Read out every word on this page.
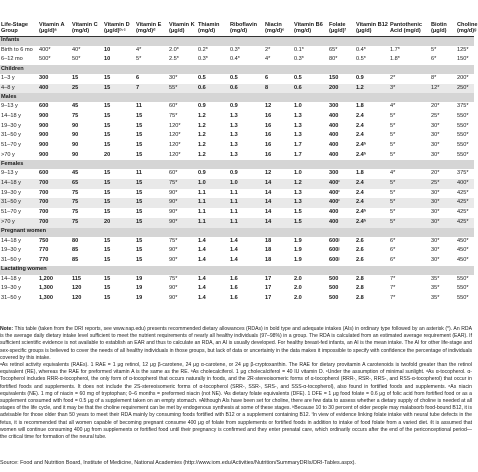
Life-Stage Group	Vitamin A (μg/d)ᵃ	Vitamin C (mg/d)	Vitamin D (μg/d)ᵇ·ᶜ	Vitamin E (mg/d)ᵈ	Vitamin K (μg/d)	Thiamin (mg/d)	Riboflavin (mg/d)	Niacin (mg/d)ᵉ	Vitamin B6 (mg/d)	Folate (μg/d)ᶠ	Vitamin B12 (μg/d)	Pantothenic Acid (mg/d)	Biotin (μg/d)	Choline (mg/d)ᵍ
Infants														
Birth to 6 mo	400*	40*	10	4*	2.0*	0.2*	0.3*	2*	0.1*	65*	0.4*	1.7*	5*	125*
6–12 mo	500*	50*	10	5*	2.5*	0.3*	0.4*	4*	0.3*	80*	0.5*	1.8*	6*	150*
Children														
1–3 y	300	15	15	6	30*	0.5	0.5	6	0.5	150	0.9	2*	8*	200*
4–8 y	400	25	15	7	55*	0.6	0.6	8	0.6	200	1.2	3*	12*	250*
Males														
9–13 y	600	45	15	11	60*	0.9	0.9	12	1.0	300	1.8	4*	20*	375*
14–18 y	900	75	15	15	75*	1.2	1.3	16	1.3	400	2.4	5*	25*	550*
19–30 y	900	90	15	15	120*	1.2	1.3	16	1.3	400	2.4	5*	30*	550*
31–50 y	900	90	15	15	120*	1.2	1.3	16	1.3	400	2.4	5*	30*	550*
51–70 y	900	90	15	15	120*	1.2	1.3	16	1.7	400	2.4ʰ	5*	30*	550*
>70 y	900	90	20	15	120*	1.2	1.3	16	1.7	400	2.4ʰ	5*	30*	550*
Females														
9–13 y	600	45	15	11	60*	0.9	0.9	12	1.0	300	1.8	4*	20*	375*
14–18 y	700	65	15	15	75*	1.0	1.0	14	1.2	400ⁱ	2.4	5*	25*	400*
19–30 y	700	75	15	15	90*	1.1	1.1	14	1.3	400ⁱ	2.4	5*	30*	425*
31–50 y	700	75	15	15	90*	1.1	1.1	14	1.3	400ⁱ	2.4	5*	30*	425*
51–70 y	700	75	15	15	90*	1.1	1.1	14	1.5	400	2.4ʰ	5*	30*	425*
>70 y	700	75	20	15	90*	1.1	1.1	14	1.5	400	2.4ʰ	5*	30*	425*
Pregnant women														
14–18 y	750	80	15	15	75*	1.4	1.4	18	1.9	600ʲ	2.6	6*	30*	450*
19–30 y	770	85	15	15	90*	1.4	1.4	18	1.9	600ʲ	2.6	6*	30*	450*
31–50 y	770	85	15	15	90*	1.4	1.4	18	1.9	600ʲ	2.6	6*	30*	450*
Lactating women														
14–18 y	1,200	115	15	19	75*	1.4	1.6	17	2.0	500	2.8	7*	35*	550*
19–30 y	1,300	120	15	19	90*	1.4	1.6	17	2.0	500	2.8	7*	35*	550*
31–50 y	1,300	120	15	19	90*	1.4	1.6	17	2.0	500	2.8	7*	35*	550*

Note: This table (taken from the DRI reports, see www.nap.edu) presents recommended dietary allowances (RDAs) in bold type and adequate intakes (AIs) in ordinary type followed by an asterisk (*). An RDA is the average daily dietary intake level sufficient to meet the nutrient requirements of nearly all healthy individuals (97–98%) in a group. The RDA is calculated from an estimated average requirement (EAR). If sufficient scientific evidence is not available to establish an EAR and thus to calculate an RDA, an AI is usually developed. For healthy breast-fed infants, an AI is the mean intake. The AI for other life-stage and sex-specific groups is believed to cover the needs of all healthy individuals in those groups, but lack of data or uncertainty in the data makes it impossible to specify with confidence the percentage of individuals covered by this intake.

ᵃAs retinol activity equivalents (RAEs). 1 RAE = 1 μg retinol, 12 μg β-carotene, 24 μg α-carotene, or 24 μg β-cryptoxanthin. The RAE for dietary provitamin A carotenoids is twofold greater than the retinol equivalent (RE), whereas the RAE for preformed vitamin A is the same as the RE. ᵇAs cholecalciferol. 1 μg cholecalciferol = 40 IU vitamin D. ᶜUnder the assumption of minimal sunlight. ᵈAs α-tocopherol. α-Tocopherol includes RRR-α-tocopherol, the only form of α-tocopherol that occurs naturally in foods, and the 2R-stereoisomeric forms of α-tocopherol (RRR-, RSR-, RRS-, and RSS-α-tocopherol) that occur in fortified foods and supplements. It does not include the 2S-stereoisomeric forms of α-tocopherol (SRR-, SSR-, SRS-, and SSS-α-tocopherol), also found in fortified foods and supplements. ᵉAs niacin equivalents (NE). 1 mg of niacin = 60 mg of tryptophan; 0–6 months = preformed niacin (not NE). ᶠAs dietary folate equivalents (DFE). 1 DFE = 1 μg food folate = 0.6 μg of folic acid from fortified food or as a supplement consumed with food = 0.5 μg of a supplement taken on an empty stomach. ᵍAlthough AIs have been set for choline, there are few data to assess whether a dietary supply of choline is needed at all stages of the life cycle, and it may be that the choline requirement can be met by endogenous synthesis at some of these stages. ʰBecause 10 to 30 percent of older people may malabsorb food-bound B12, it is advisable for those older than 50 years to meet their RDA mainly by consuming foods fortified with B12 or a supplement containing B12. ⁱIn view of evidence linking folate intake with neural tube defects in the fetus, it is recommended that all women capable of becoming pregnant consume 400 μg of folate from supplements or fortified foods in addition to intake of food folate from a varied diet. ʲIt is assumed that women will continue consuming 400 μg from supplements or fortified food until their pregnancy is confirmed and they enter prenatal care, which ordinarily occurs after the end of the periconceptional period—the critical time for formation of the neural tube.

Source: Food and Nutrition Board, Institute of Medicine, National Academies (http://www.iom.edu/Activities/Nutrition/SummaryDRIs/DRI-Tables.aspx).
